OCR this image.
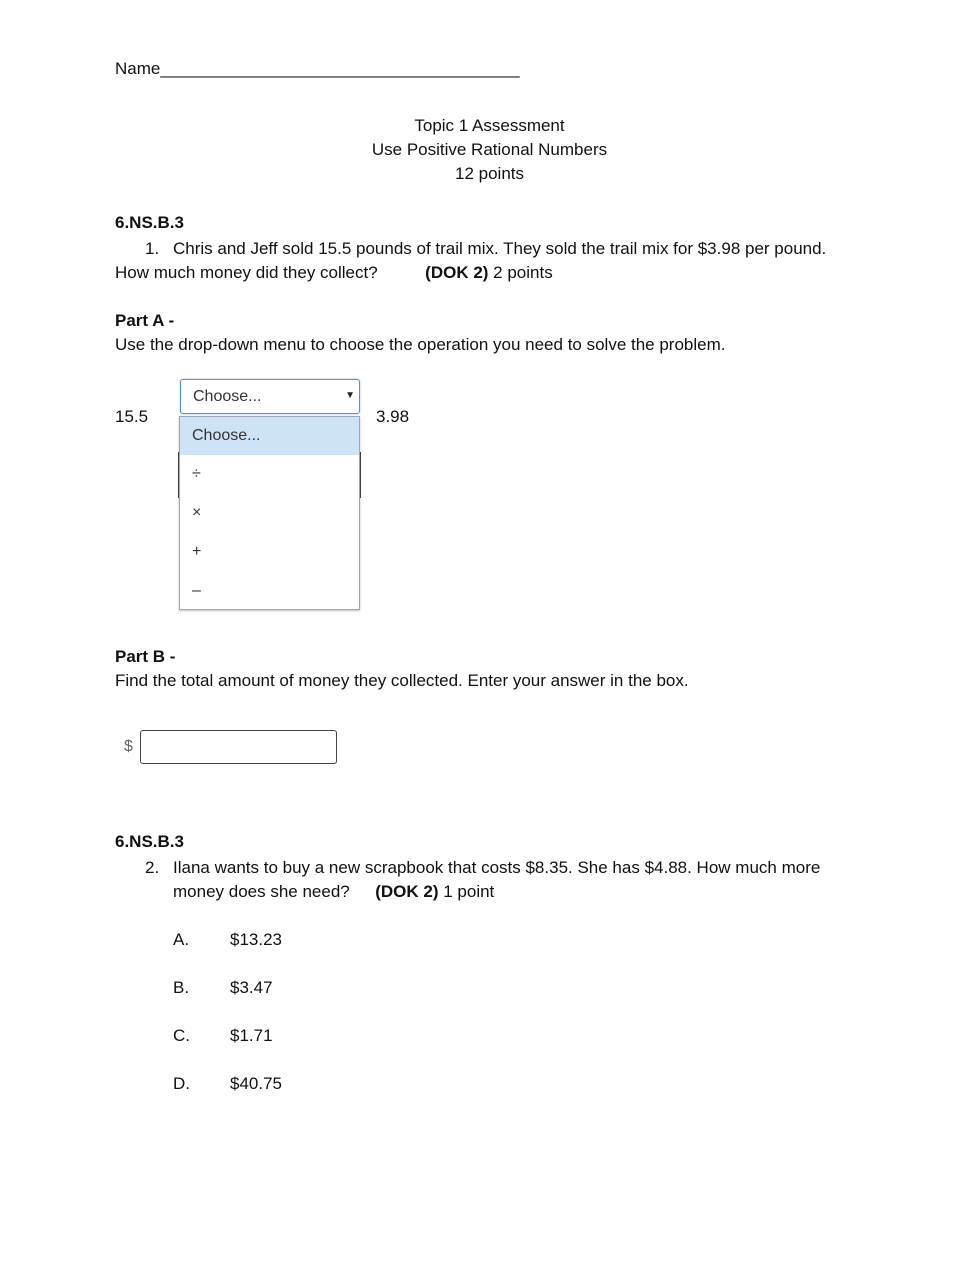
Name______________________________________
Topic 1 Assessment
Use Positive Rational Numbers
12 points
6.NS.B.3
1. Chris and Jeff sold 15.5 pounds of trail mix. They sold the trail mix for $3.98 per pound.
How much money did they collect?	(DOK 2) 2 points
Part A -
Use the drop-down menu to choose the operation you need to solve the problem.
15.5	3.98
Choose...	▼
Choose...
÷
×
+
–
Part B -
Find the total amount of money they collected. Enter your answer in the box.
$
6.NS.B.3
2. Ilana wants to buy a new scrapbook that costs $8.35. She has $4.88. How much more
money does she need? (DOK 2) 1 point
A. $13.23
B. $3.47
C. $1.71
D. $40.75
